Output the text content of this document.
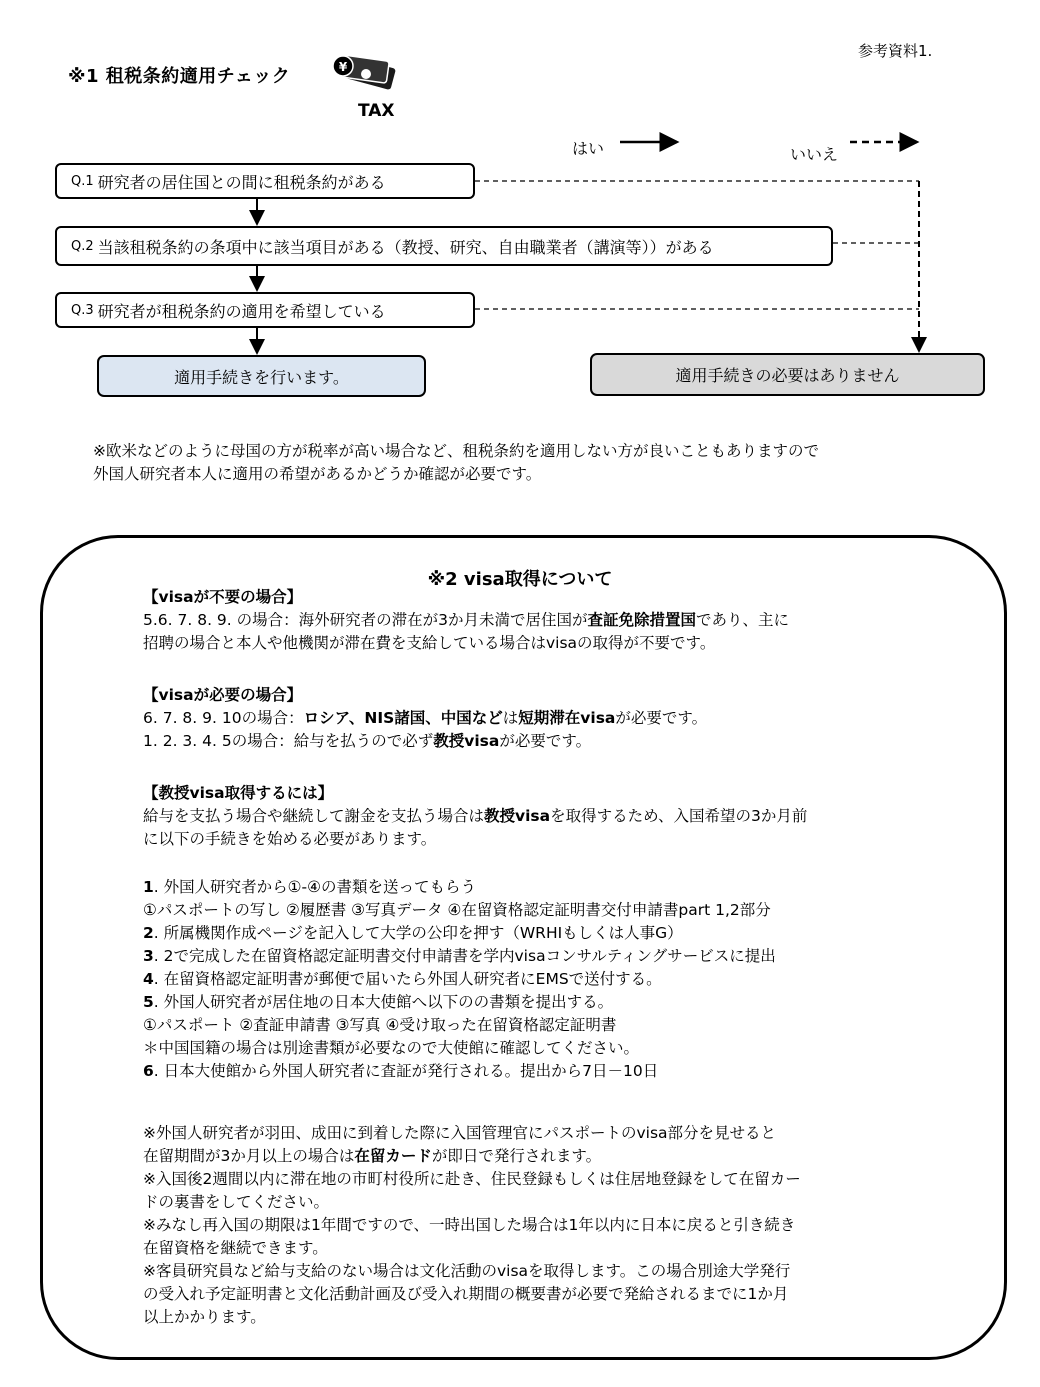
参考資料1.
※1 租税条約適用チェック	¥
TAX
はい	いいえ
Q.1 研究者の居住国との間に租税条約がある
Q.2 当該租税条約の条項中に該当項目がある（教授、研究、自由職業者（講演等））がある
Q.3 研究者が租税条約の適用を希望している
適用手続きを行います。	適用手続きの必要はありません
※欧米などのように母国の方が税率が高い場合など、租税条約を適用しない方が良いこともありますので
外国人研究者本人に適用の希望があるかどうか確認が必要です。
※2 visa取得について
【visaが不要の場合】
5.6. 7. 8. 9. の場合：海外研究者の滞在が3か月未満で居住国が査証免除措置国であり、主に
招聘の場合と本人や他機関が滞在費を支給している場合はvisaの取得が不要です。
【visaが必要の場合】
6. 7. 8. 9. 10の場合：ロシア、NIS諸国、中国などは短期滞在visaが必要です。
1. 2. 3. 4. 5の場合：給与を払うので必ず教授visaが必要です。
【教授visa取得するには】
給与を支払う場合や継続して謝金を支払う場合は教授visaを取得するため、入国希望の3か月前
に以下の手続きを始める必要があります。
1. 外国人研究者から①-④の書類を送ってもらう
①パスポートの写し ②履歴書 ③写真データ ④在留資格認定証明書交付申請書part 1,2部分
2. 所属機関作成ページを記入して大学の公印を押す（WRHIもしくは人事G）
3. 2で完成した在留資格認定証明書交付申請書を学内visaコンサルティングサービスに提出
4. 在留資格認定証明書が郵便で届いたら外国人研究者にEMSで送付する。
5. 外国人研究者が居住地の日本大使館へ以下のの書類を提出する。
①パスポート ②査証申請書 ③写真 ④受け取った在留資格認定証明書
＊中国国籍の場合は別途書類が必要なので大使館に確認してください。
6. 日本大使館から外国人研究者に査証が発行される。提出から7日－10日
※外国人研究者が羽田、成田に到着した際に入国管理官にパスポートのvisa部分を見せると
在留期間が3か月以上の場合は在留カードが即日で発行されます。
※入国後2週間以内に滞在地の市町村役所に赴き、住民登録もしくは住居地登録をして在留カー
ドの裏書をしてください。
※みなし再入国の期限は1年間ですので、一時出国した場合は1年以内に日本に戻ると引き続き
在留資格を継続できます。
※客員研究員など給与支給のない場合は文化活動のvisaを取得します。この場合別途大学発行
の受入れ予定証明書と文化活動計画及び受入れ期間の概要書が必要で発給されるまでに1か月
以上かかります。
